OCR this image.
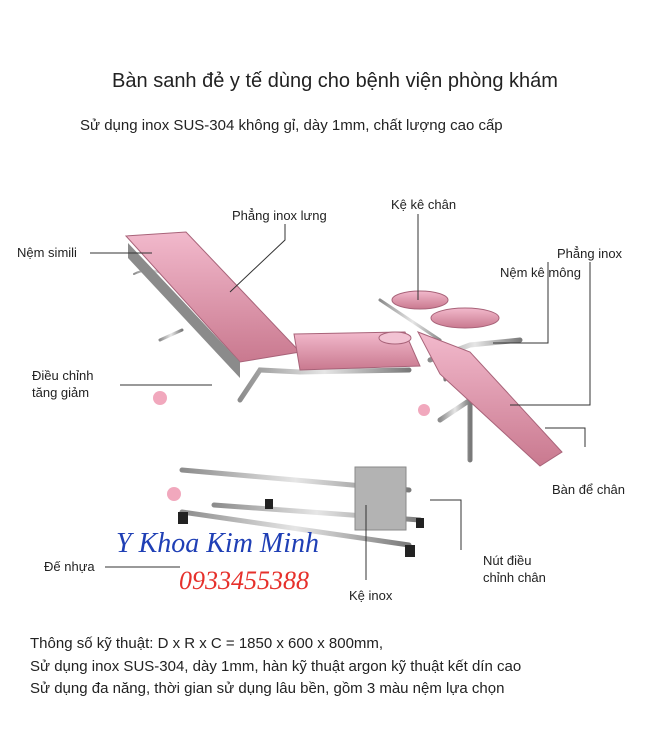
Bàn sanh đẻ y tế dùng cho bệnh viện phòng khám
Sử dụng inox SUS-304 không gỉ, dày 1mm, chất lượng cao cấp
Phẳng inox lưng
Kệ kê chân
Phẳng inox
Nệm simili
Nệm kê mông
Điều chỉnh
tăng giảm
Bàn để chân
Đế nhựa	Nút điều
chỉnh chân
Kệ inox
Y Khoa Kim Minh
0933455388
Thông số kỹ thuật: D x R x C = 1850 x 600 x 800mm,
Sử dụng inox SUS-304, dày 1mm, hàn kỹ thuật argon kỹ thuật kết dín cao
Sử dụng đa năng, thời gian sử dụng lâu bền, gồm 3 màu nệm lựa chọn
